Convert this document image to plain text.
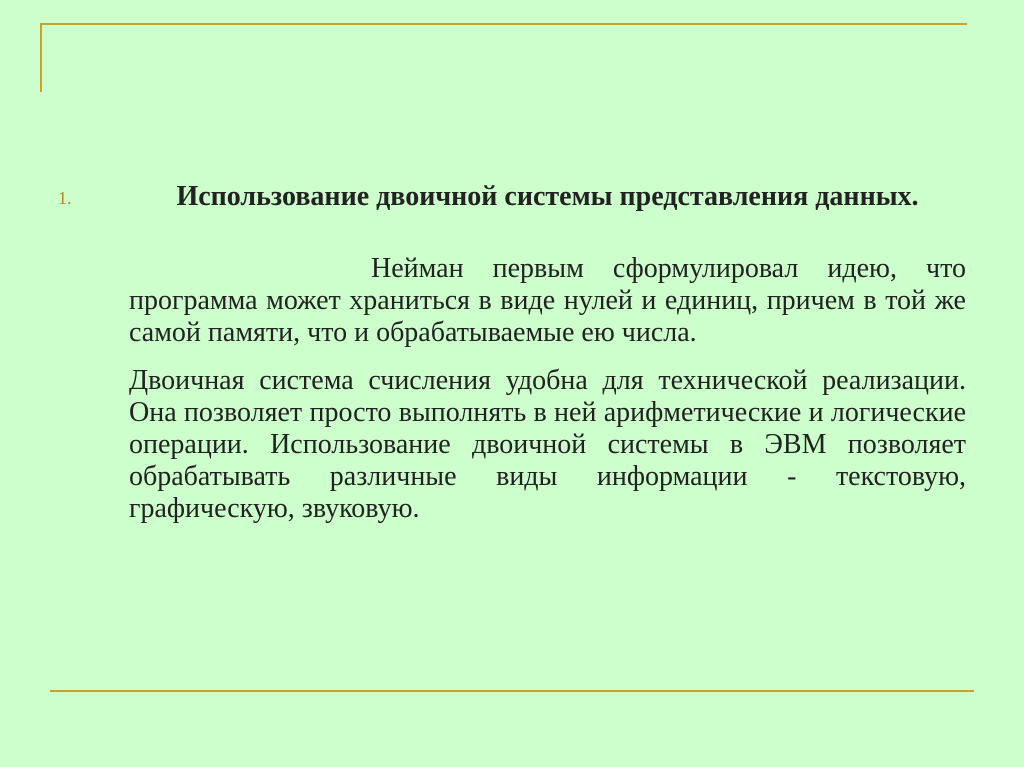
1.	Использование двоичной системы представления данных.

Нейман первым сформулировал идею, что программа может храниться в виде нулей и единиц, причем в той же самой памяти, что и обрабатываемые ею числа.

Двоичная система счисления удобна для технической реализации. Она позволяет просто выполнять в ней арифметические и логические операции. Использование двоичной системы в ЭВМ позволяет обрабатывать различные виды информации - текстовую, графическую, звуковую.
